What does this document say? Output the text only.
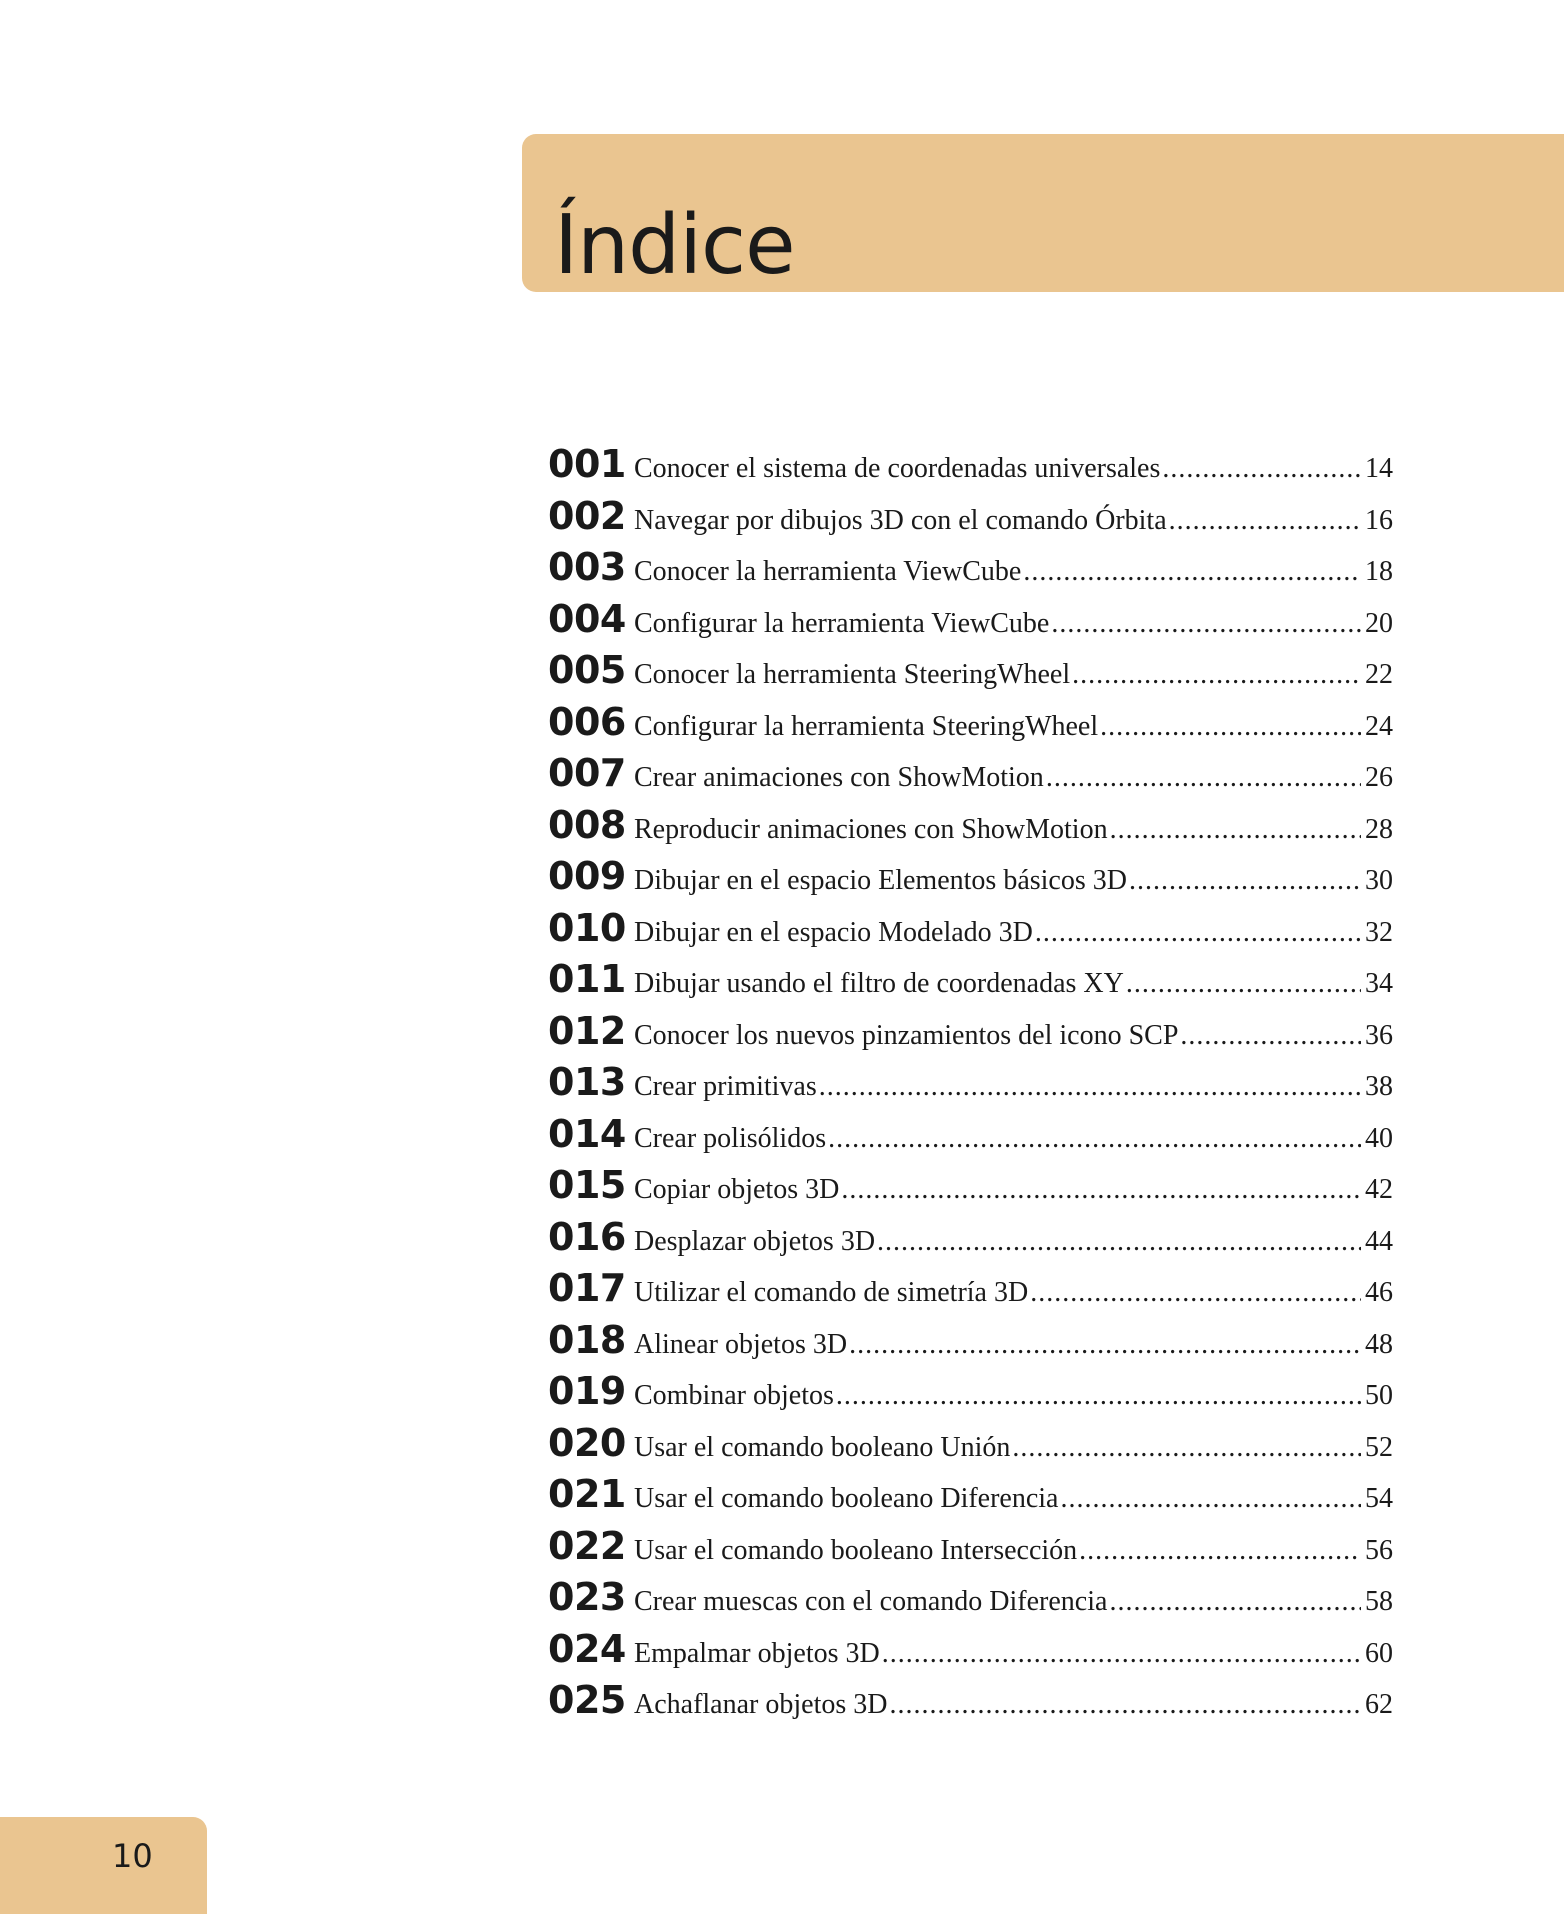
Índice
001 Conocer el sistema de coordenadas universales .....	14
002 Navegar por dibujos 3D con el comando Órbita .....	16
003 Conocer la herramienta ViewCube .....	18
004 Configurar la herramienta ViewCube .....	20
005 Conocer la herramienta SteeringWheel .....	22
006 Configurar la herramienta SteeringWheel .....	24
007 Crear animaciones con ShowMotion .....	26
008 Reproducir animaciones con ShowMotion .....	28
009 Dibujar en el espacio Elementos básicos 3D .....	30
010 Dibujar en el espacio Modelado 3D .....	32
011 Dibujar usando el filtro de coordenadas XY .....	34
012 Conocer los nuevos pinzamientos del icono SCP .....	36
013 Crear primitivas .....	38
014 Crear polisólidos .....	40
015 Copiar objetos 3D .....	42
016 Desplazar objetos 3D .....	44
017 Utilizar el comando de simetría 3D .....	46
018 Alinear objetos 3D .....	48
019 Combinar objetos .....	50
020 Usar el comando booleano Unión .....	52
021 Usar el comando booleano Diferencia .....	54
022 Usar el comando booleano Intersección .....	56
023 Crear muescas con el comando Diferencia .....	58
024 Empalmar objetos 3D .....	60
025 Achaflanar objetos 3D .....	62
10
